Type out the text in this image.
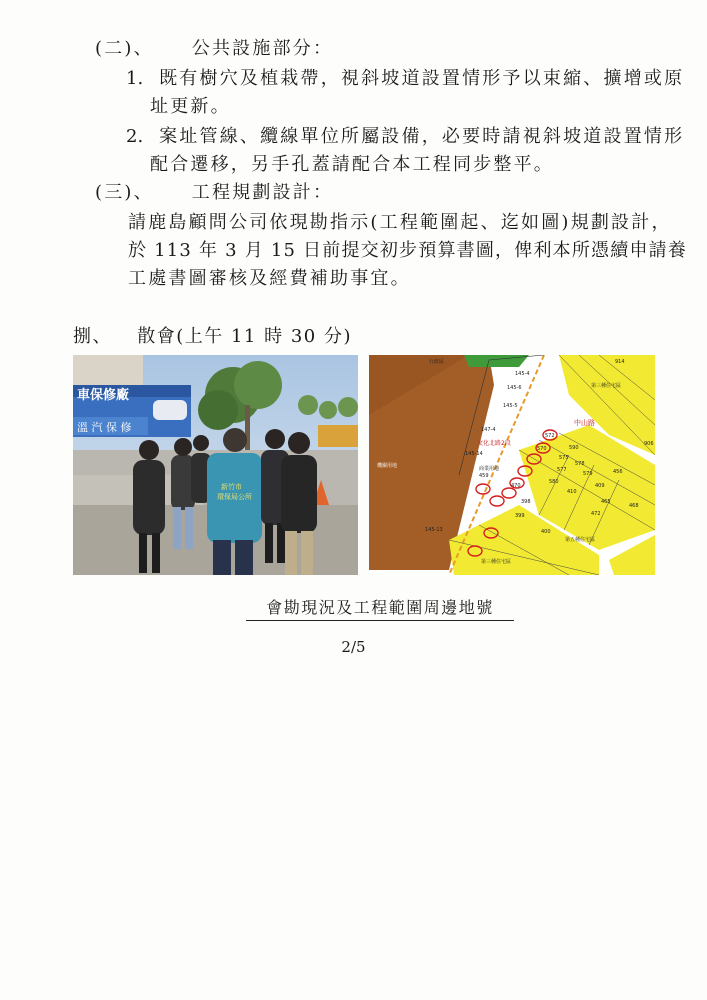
(二)、 公共設施部分：
1. 既有樹穴及植栽帶，視斜坡道設置情形予以束縮、擴增或原
址更新。
2. 案址管線、纜線單位所屬設備，必要時請視斜坡道設置情形
配合遷移，另手孔蓋請配合本工程同步整平。
(三)、 工程規劃設計：
請鹿島顧問公司依現勘指示(工程範圍起、迄如圖)規劃設計，
於 113 年 3 月 15 日前提交初步預算書圖，俾利本所憑續申請養
工處書圖審核及經費補助事宜。
捌、 散會(上午 11 時 30 分)
車保修廠
溫 汽 保 修
新竹市
環保局公所
中山路
文化北路2段
行政區
145-6
145-4
145-5
147-4
145-14
145-13
459
470
398
399
400
409
410
456
465
468
472
570
572
575
577
578
579
580
590
914
906
第三種住宅區
第三種住宅區
第五種住宅區
商業用地
機關用地
會勘現況及工程範圍周邊地號
2/5
